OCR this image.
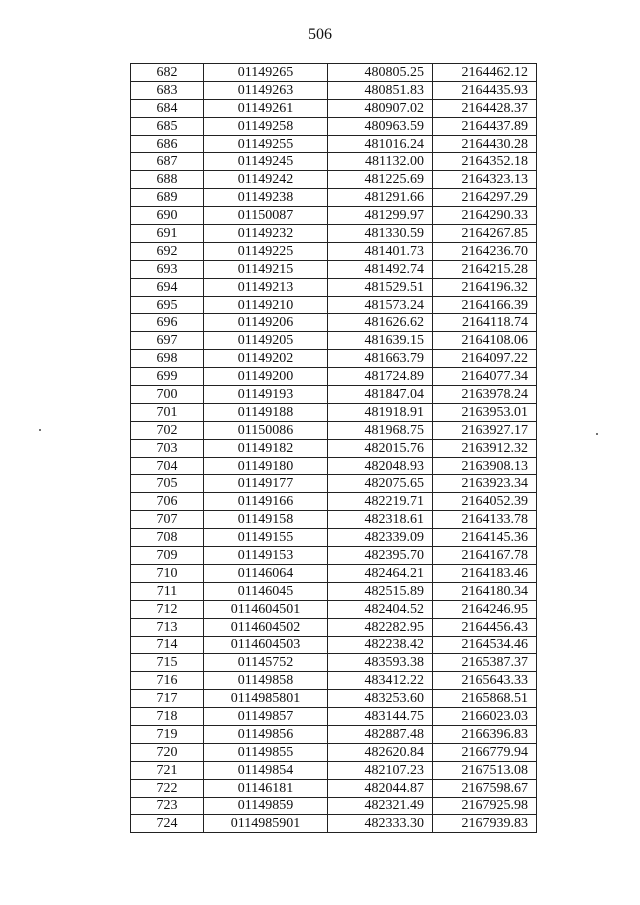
506
682	01149265	480805.25	2164462.12
683	01149263	480851.83	2164435.93
684	01149261	480907.02	2164428.37
685	01149258	480963.59	2164437.89
686	01149255	481016.24	2164430.28
687	01149245	481132.00	2164352.18
688	01149242	481225.69	2164323.13
689	01149238	481291.66	2164297.29
690	01150087	481299.97	2164290.33
691	01149232	481330.59	2164267.85
692	01149225	481401.73	2164236.70
693	01149215	481492.74	2164215.28
694	01149213	481529.51	2164196.32
695	01149210	481573.24	2164166.39
696	01149206	481626.62	2164118.74
697	01149205	481639.15	2164108.06
698	01149202	481663.79	2164097.22
699	01149200	481724.89	2164077.34
700	01149193	481847.04	2163978.24
701	01149188	481918.91	2163953.01
702	01150086	481968.75	2163927.17
703	01149182	482015.76	2163912.32
704	01149180	482048.93	2163908.13
705	01149177	482075.65	2163923.34
706	01149166	482219.71	2164052.39
707	01149158	482318.61	2164133.78
708	01149155	482339.09	2164145.36
709	01149153	482395.70	2164167.78
710	01146064	482464.21	2164183.46
711	01146045	482515.89	2164180.34
712	0114604501	482404.52	2164246.95
713	0114604502	482282.95	2164456.43
714	0114604503	482238.42	2164534.46
715	01145752	483593.38	2165387.37
716	01149858	483412.22	2165643.33
717	0114985801	483253.60	2165868.51
718	01149857	483144.75	2166023.03
719	01149856	482887.48	2166396.83
720	01149855	482620.84	2166779.94
721	01149854	482107.23	2167513.08
722	01146181	482044.87	2167598.67
723	01149859	482321.49	2167925.98
724	0114985901	482333.30	2167939.83
